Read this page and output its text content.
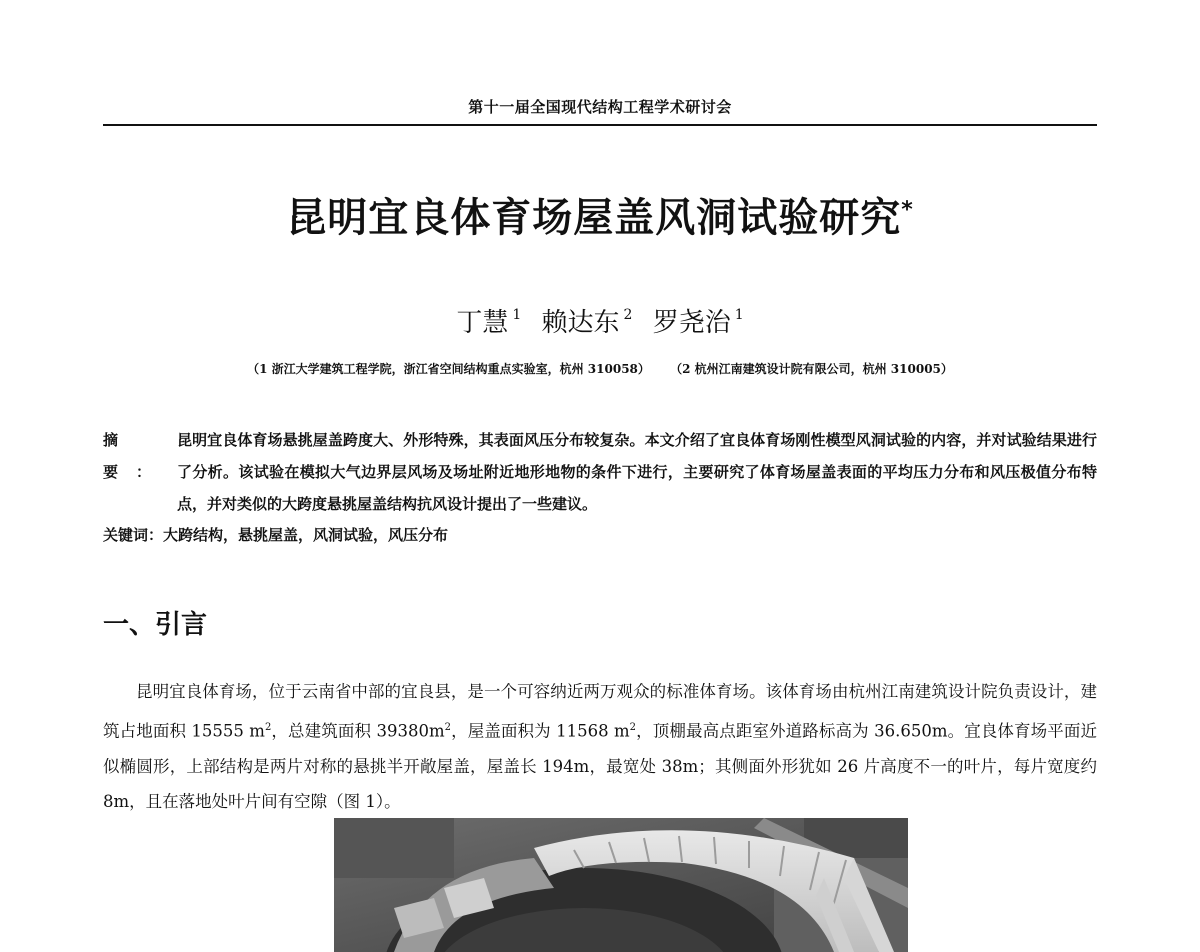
第十一届全国现代结构工程学术研讨会
昆明宜良体育场屋盖风洞试验研究*
丁慧 $^1$ 赖达东 $^2$ 罗尧治 $^1$
（1 浙江大学建筑工程学院，浙江省空间结构重点实验室，杭州 310058） （2 杭州江南建筑设计院有限公司，杭州 310005）
摘要：
昆明宜良体育场悬挑屋盖跨度大、外形特殊，其表面风压分布较复杂。本文介绍了宜良体育场刚性模型风洞试验的内容，并对试验结果进行了分析。该试验在模拟大气边界层风场及场址附近地形地物的条件下进行，主要研究了体育场屋盖表面的平均压力分布和风压极值分布特点，并对类似的大跨度悬挑屋盖结构抗风设计提出了一些建议。
关键词：大跨结构，悬挑屋盖，风洞试验，风压分布
一、引言
昆明宜良体育场，位于云南省中部的宜良县，是一个可容纳近两万观众的标准体育场。该体育场由杭州江南建筑设计院负责设计，建筑占地面积 15555 $m^2$，总建筑面积 $39380m^2$，屋盖面积为 11568 $m^2$，顶棚最高点距室外道路标高为 36.650m。宜良体育场平面近似椭圆形，上部结构是两片对称的悬挑半开敞屋盖，屋盖长 194m，最宽处 38m；其侧面外形犹如 26 片高度不一的叶片，每片宽度约 8m，且在落地处叶片间有空隙（图 1）。
